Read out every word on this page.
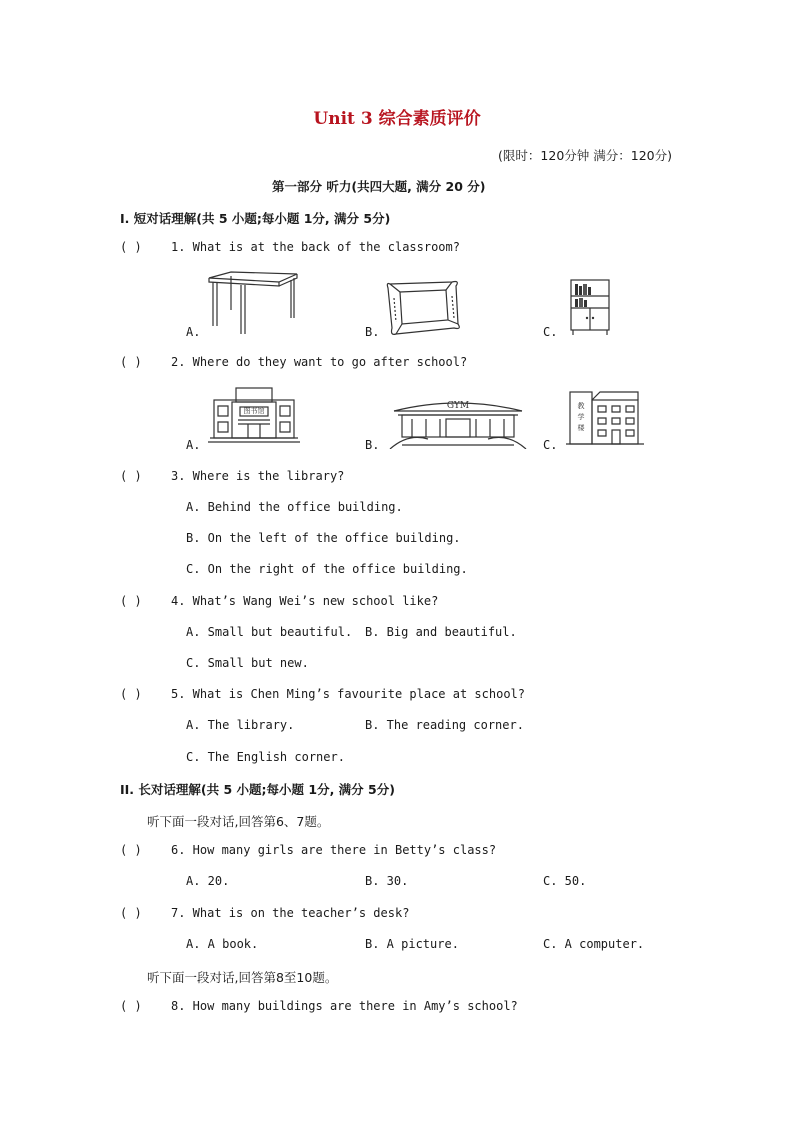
Unit 3 综合素质评价
(限时：120分钟 满分：120分)
第一部分 听力(共四大题, 满分 20 分)
I. 短对话理解(共 5 小题;每小题 1分, 满分 5分)
( ) 1. What is at the back of the classroom?
A.	B.	C.
( ) 2. Where do they want to go after school?
A.	B.	C.
图书馆	GYM	教
学
楼
( ) 3. Where is the library?
A. Behind the office building.
B. On the left of the office building.
C. On the right of the office building.
( ) 4. What’s Wang Wei’s new school like?
A. Small but beautiful. B. Big and beautiful.
C. Small but new.
( ) 5. What is Chen Ming’s favourite place at school?
A. The library.	B. The reading corner.
C. The English corner.
II. 长对话理解(共 5 小题;每小题 1分, 满分 5分)
听下面一段对话,回答第6、7题。
( ) 6. How many girls are there in Betty’s class?
A. 20.	B. 30.	C. 50.
( ) 7. What is on the teacher’s desk?
A. A book.	B. A picture.	C. A computer.
听下面一段对话,回答第8至10题。
( ) 8. How many buildings are there in Amy’s school?
